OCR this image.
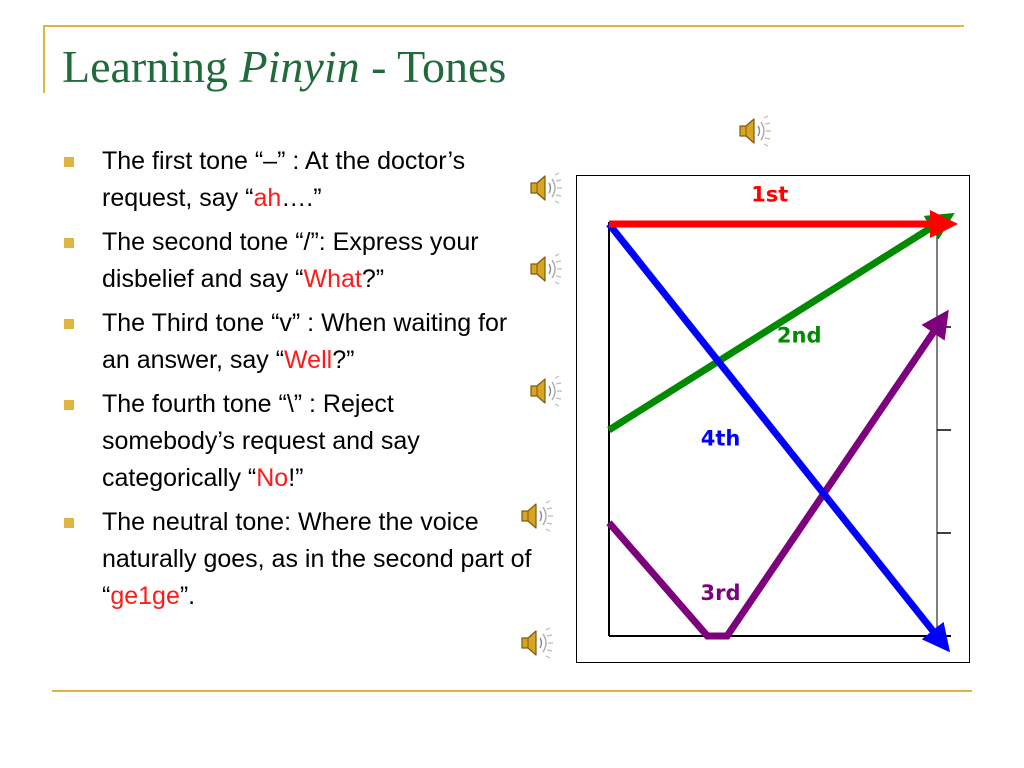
Learning Pinyin - Tones
The first tone “–” : At the doctor’s request, say “ah….”
The second tone “/”: Express your disbelief and say “What?”
The Third tone “v” : When waiting for an answer, say “Well?”
The fourth tone “\” : Reject somebody’s request and say categorically “No!”
The neutral tone: Where the voice naturally goes, as in the second part of “ge1ge”.
2nd
3rd
4th
1st
